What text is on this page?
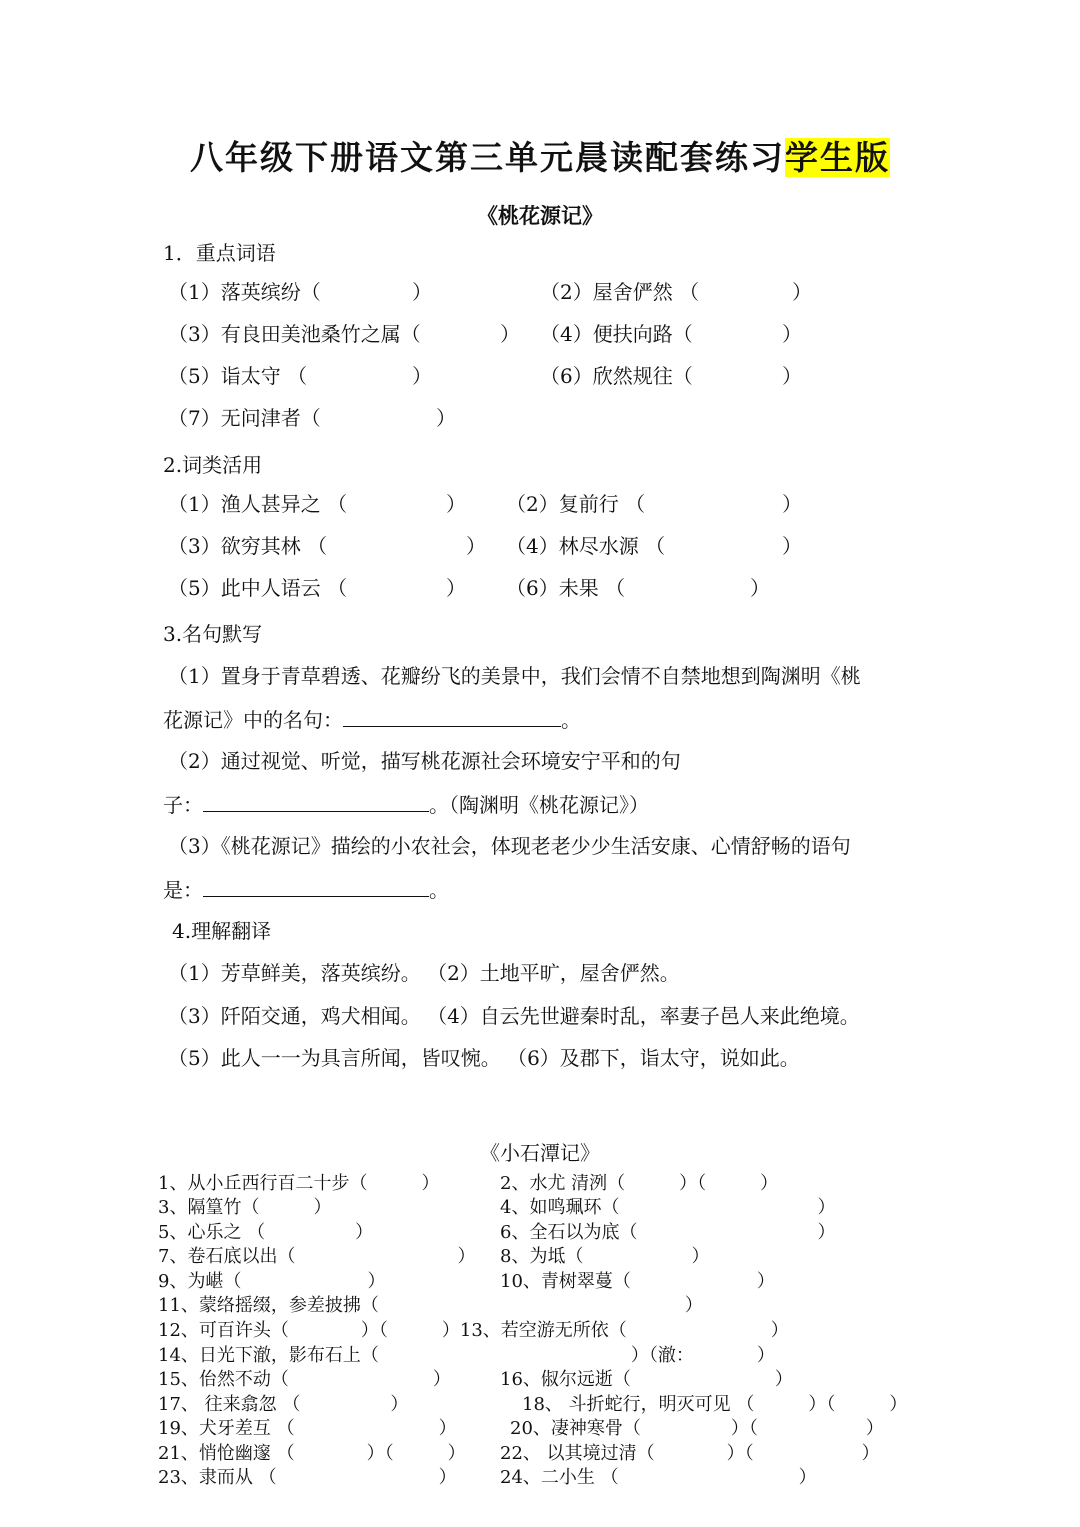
八年级下册语文第三单元晨读配套练习学生版
《桃花源记》
1．重点词语
（1）落英缤纷（	）	（2）屋舍俨然 （	）
（3）有良田美池桑竹之属（	） （4）便扶向路（	）
（5）诣太守 （	）	（6）欣然规往（	）
（7）无问津者（	）
2.词类活用
（1）渔人甚异之 （	） （2）复前行 （	）
（3）欲穷其林 （	） （4）林尽水源 （	）
（5）此中人语云 （	） （6）未果 （	）
3.名句默写
（1）置身于青草碧透、花瓣纷飞的美景中，我们会情不自禁地想到陶渊明《桃
花源记》中的名句：	。
（2）通过视觉、听觉，描写桃花源社会环境安宁平和的句
子：	。（陶渊明《桃花源记》）
（3）《桃花源记》描绘的小农社会，体现老老少少生活安康、心情舒畅的语句
是：	。
4.理解翻译
（1）芳草鲜美，落英缤纷。 （2）土地平旷，屋舍俨然。
（3）阡陌交通，鸡犬相闻。 （4）自云先世避秦时乱，率妻子邑人来此绝境。
（5）此人一一为具言所闻，皆叹惋。 （6）及郡下，诣太守，说如此。
《小石潭记》
1、从小丘西行百二十步（　　　）	2、水尤 清洌（　　　）（　　　）
3、隔篁竹（　　　）	4、如鸣珮环（　　　　　　　　　　　）
5、心乐之 （　　　　　）	6、全石以为底（　　　　　　　　　　）
7、卷石底以出（　　　　　　　　　） 8、为坻（　　　　　　）
9、为嵁（　　　　　　　）	10、青树翠蔓（　　　　　　　）
11、蒙络摇缀，参差披拂（　　　　　　　　　　　　　　　　　）
12、可百许头（　　　　）（　　　）13、若空游无所依（　　　　　　　　）
14、日光下澈，影布石上（　　　　　　　　　　　　　　）（澈：　　　　）
15、佁然不动（　　　　　　　　）	16、俶尔远逝（　　　　　　　　）
17、 往来翕忽 （　　　　　）	18、 斗折蛇行，明灭可见 （　　　）（　　　）
19、犬牙差互 （　　　　　　　　）	20、凄神寒骨（　　　　　）（　　　　　　）
21、悄怆幽邃 （　　　　）（　　　） 22、 以其境过清（　　　　）（　　　　　　）
23、隶而从 （　　　　　　　　　） 24、二小生 （　　　　　　　　　　）
